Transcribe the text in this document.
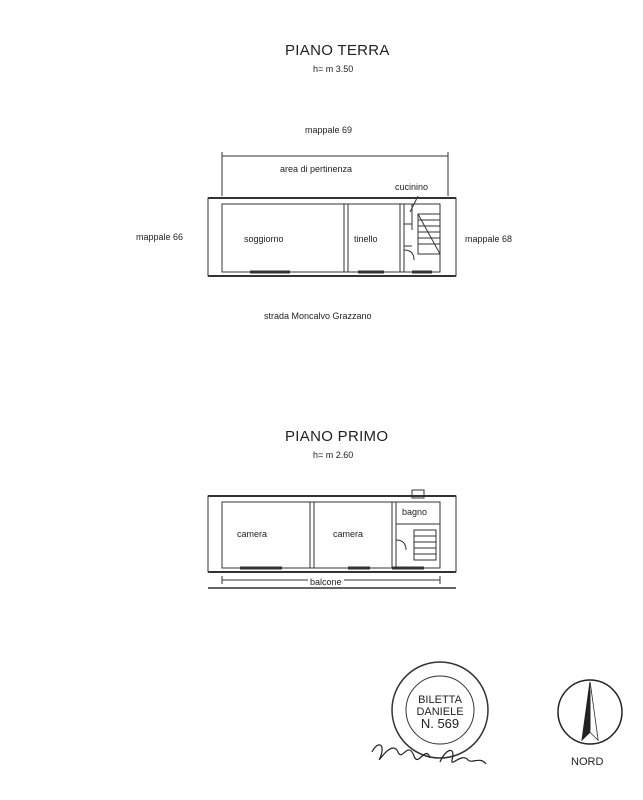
PIANO TERRA
h= m 3.50
mappale 69
area di pertinenza
cucinino
mappale 66	soggiorno	tinello	mappale 68
strada Moncalvo Grazzano
PIANO PRIMO
h= m 2.60
bagno
camera	camera
balcone
BILETTA
DANIELE
N. 569
NORD
